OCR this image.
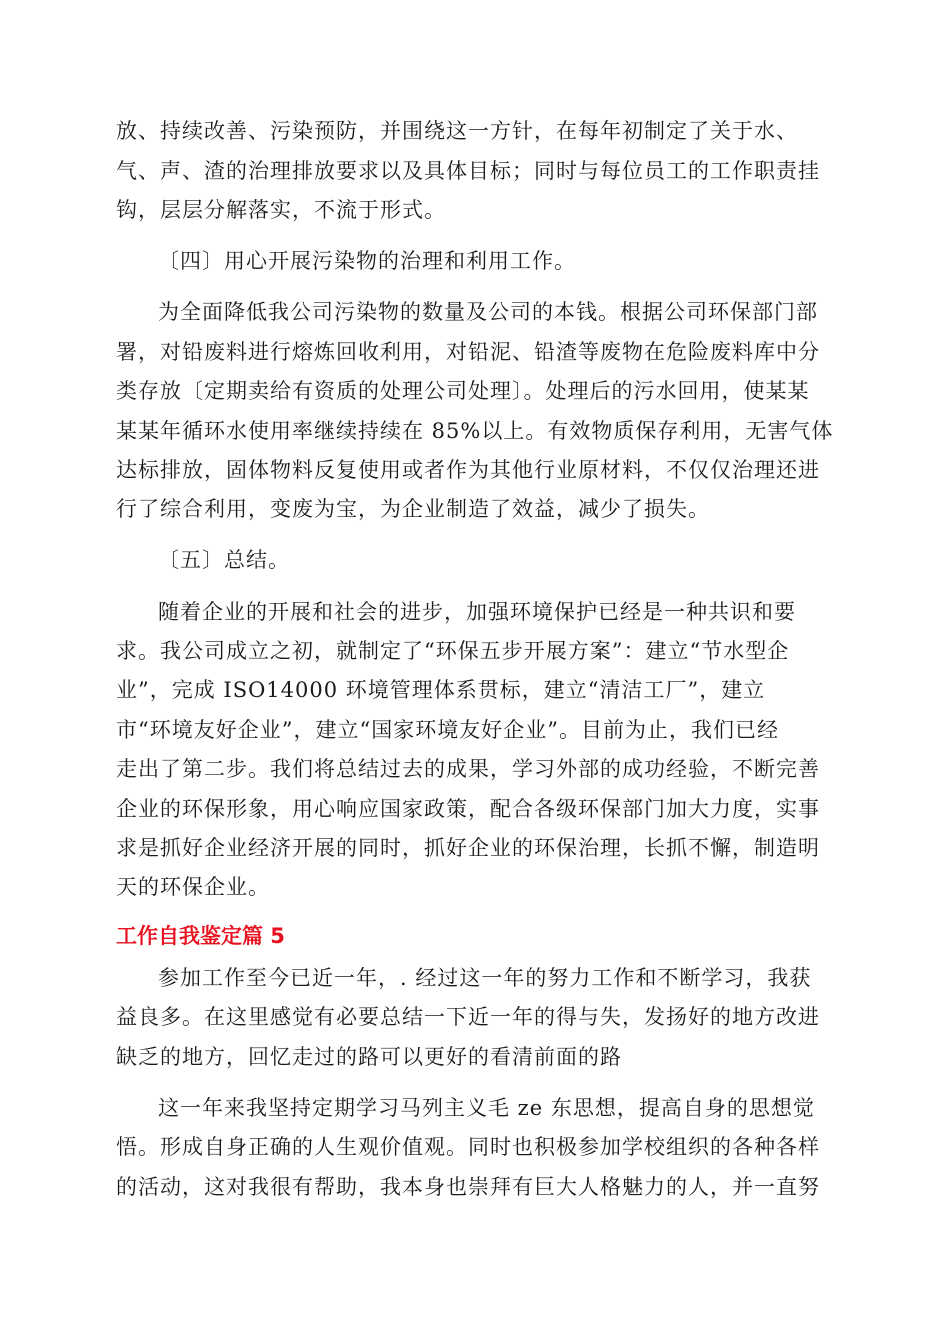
放、持续改善、污染预防，并围绕这一方针，在每年初制定了关于水、
气、声、渣的治理排放要求以及具体目标；同时与每位员工的工作职责挂
钩，层层分解落实，不流于形式。
〔四〕用心开展污染物的治理和利用工作。
为全面降低我公司污染物的数量及公司的本钱。根据公司环保部门部
署，对铅废料进行熔炼回收利用，对铅泥、铅渣等废物在危险废料库中分
类存放〔定期卖给有资质的处理公司处理〕。处理后的污水回用，使某某
某某年循环水使用率继续持续在 85%以上。有效物质保存利用，无害气体
达标排放，固体物料反复使用或者作为其他行业原材料，不仅仅治理还进
行了综合利用，变废为宝，为企业制造了效益，减少了损失。
〔五〕总结。
随着企业的开展和社会的进步，加强环境保护已经是一种共识和要
求。我公司成立之初，就制定了“环保五步开展方案”：建立“节水型企
业”，完成 ISO14000 环境管理体系贯标，建立“清洁工厂”，建立
市“环境友好企业”，建立“国家环境友好企业”。目前为止，我们已经
走出了第二步。我们将总结过去的成果，学习外部的成功经验，不断完善
企业的环保形象，用心响应国家政策，配合各级环保部门加大力度，实事
求是抓好企业经济开展的同时，抓好企业的环保治理，长抓不懈，制造明
天的环保企业。
工作自我鉴定篇 5
参加工作至今已近一年，. 经过这一年的努力工作和不断学习，我获
益良多。在这里感觉有必要总结一下近一年的得与失，发扬好的地方改进
缺乏的地方，回忆走过的路可以更好的看清前面的路
这一年来我坚持定期学习马列主义毛 ze 东思想，提高自身的思想觉
悟。形成自身正确的人生观价值观。同时也积极参加学校组织的各种各样
的活动，这对我很有帮助，我本身也崇拜有巨大人格魅力的人，并一直努
